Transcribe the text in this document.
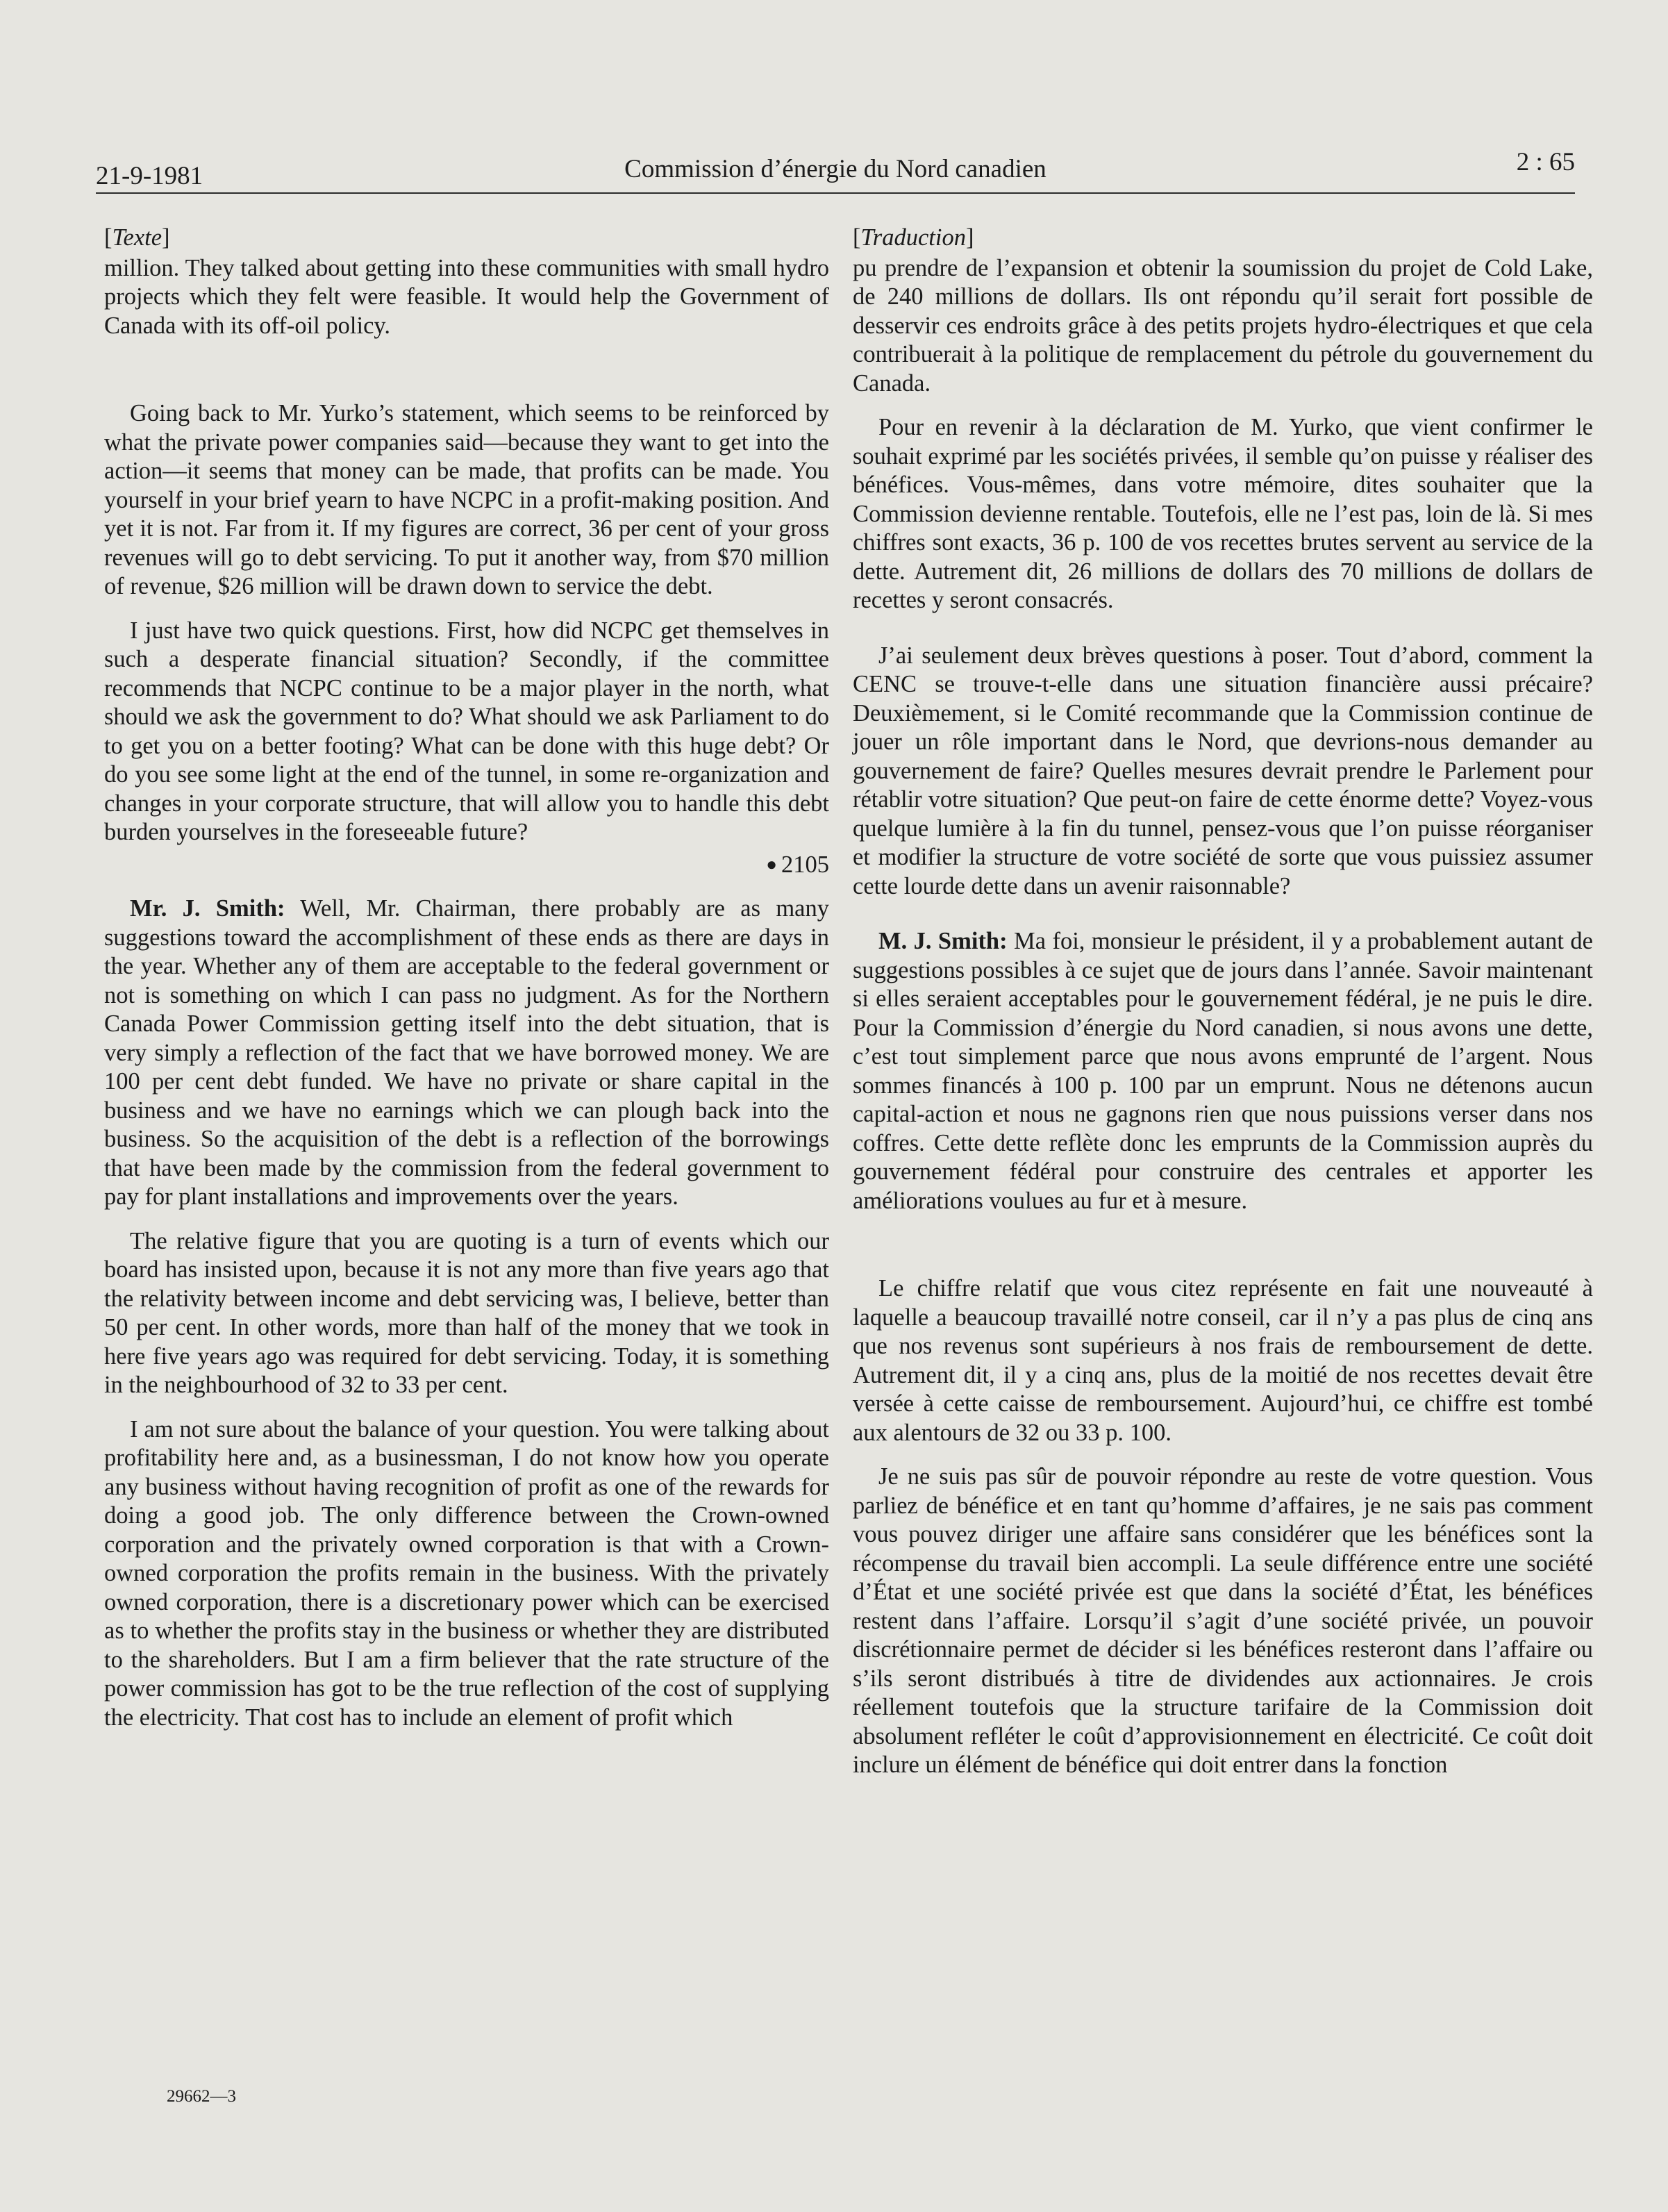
21-9-1981	Commission d’énergie du Nord canadien	2 : 65
[Texte]

million. They talked about getting into these communities with small hydro projects which they felt were feasible. It would help the Government of Canada with its off-oil policy.

Going back to Mr. Yurko’s statement, which seems to be reinforced by what the private power companies said—because they want to get into the action—it seems that money can be made, that profits can be made. You yourself in your brief yearn to have NCPC in a profit-making position. And yet it is not. Far from it. If my figures are correct, 36 per cent of your gross revenues will go to debt servicing. To put it another way, from $70 million of revenue, $26 million will be drawn down to service the debt.

I just have two quick questions. First, how did NCPC get themselves in such a desperate financial situation? Secondly, if the committee recommends that NCPC continue to be a major player in the north, what should we ask the government to do? What should we ask Parliament to do to get you on a better footing? What can be done with this huge debt? Or do you see some light at the end of the tunnel, in some re-organization and changes in your corporate structure, that will allow you to handle this debt burden yourselves in the foreseeable future?

● 2105

Mr. J. Smith: Well, Mr. Chairman, there probably are as many suggestions toward the accomplishment of these ends as there are days in the year. Whether any of them are acceptable to the federal government or not is something on which I can pass no judgment. As for the Northern Canada Power Commission getting itself into the debt situation, that is very simply a reflection of the fact that we have borrowed money. We are 100 per cent debt funded. We have no private or share capital in the business and we have no earnings which we can plough back into the business. So the acquisition of the debt is a reflection of the borrowings that have been made by the commission from the federal government to pay for plant installations and improvements over the years.

The relative figure that you are quoting is a turn of events which our board has insisted upon, because it is not any more than five years ago that the relativity between income and debt servicing was, I believe, better than 50 per cent. In other words, more than half of the money that we took in here five years ago was required for debt servicing. Today, it is something in the neighbourhood of 32 to 33 per cent.

I am not sure about the balance of your question. You were talking about profitability here and, as a businessman, I do not know how you operate any business without having recognition of profit as one of the rewards for doing a good job. The only difference between the Crown-owned corporation and the privately owned corporation is that with a Crown-owned corporation the profits remain in the business. With the privately owned corporation, there is a discretionary power which can be exercised as to whether the profits stay in the business or whether they are distributed to the shareholders. But I am a firm believer that the rate structure of the power commission has got to be the true reflection of the cost of supplying the electricity. That cost has to include an element of profit which

[Traduction]

pu prendre de l’expansion et obtenir la soumission du projet de Cold Lake, de 240 millions de dollars. Ils ont répondu qu’il serait fort possible de desservir ces endroits grâce à des petits projets hydro-électriques et que cela contribuerait à la politique de remplacement du pétrole du gouvernement du Canada.

Pour en revenir à la déclaration de M. Yurko, que vient confirmer le souhait exprimé par les sociétés privées, il semble qu’on puisse y réaliser des bénéfices. Vous-mêmes, dans votre mémoire, dites souhaiter que la Commission devienne rentable. Toutefois, elle ne l’est pas, loin de là. Si mes chiffres sont exacts, 36 p. 100 de vos recettes brutes servent au service de la dette. Autrement dit, 26 millions de dollars des 70 millions de dollars de recettes y seront consacrés.

J’ai seulement deux brèves questions à poser. Tout d’abord, comment la CENC se trouve-t-elle dans une situation financière aussi précaire? Deuxièmement, si le Comité recommande que la Commission continue de jouer un rôle important dans le Nord, que devrions-nous demander au gouvernement de faire? Quelles mesures devrait prendre le Parlement pour rétablir votre situation? Que peut-on faire de cette énorme dette? Voyez-vous quelque lumière à la fin du tunnel, pensez-vous que l’on puisse réorganiser et modifier la structure de votre société de sorte que vous puissiez assumer cette lourde dette dans un avenir raisonnable?

M. J. Smith: Ma foi, monsieur le président, il y a probablement autant de suggestions possibles à ce sujet que de jours dans l’année. Savoir maintenant si elles seraient acceptables pour le gouvernement fédéral, je ne puis le dire. Pour la Commission d’énergie du Nord canadien, si nous avons une dette, c’est tout simplement parce que nous avons emprunté de l’argent. Nous sommes financés à 100 p. 100 par un emprunt. Nous ne détenons aucun capital-action et nous ne gagnons rien que nous puissions verser dans nos coffres. Cette dette reflète donc les emprunts de la Commission auprès du gouvernement fédéral pour construire des centrales et apporter les améliorations voulues au fur et à mesure.

Le chiffre relatif que vous citez représente en fait une nouveauté à laquelle a beaucoup travaillé notre conseil, car il n’y a pas plus de cinq ans que nos revenus sont supérieurs à nos frais de remboursement de dette. Autrement dit, il y a cinq ans, plus de la moitié de nos recettes devait être versée à cette caisse de remboursement. Aujourd’hui, ce chiffre est tombé aux alentours de 32 ou 33 p. 100.

Je ne suis pas sûr de pouvoir répondre au reste de votre question. Vous parliez de bénéfice et en tant qu’homme d’affaires, je ne sais pas comment vous pouvez diriger une affaire sans considérer que les bénéfices sont la récompense du travail bien accompli. La seule différence entre une société d’État et une société privée est que dans la société d’État, les bénéfices restent dans l’affaire. Lorsqu’il s’agit d’une société privée, un pouvoir discrétionnaire permet de décider si les bénéfices resteront dans l’affaire ou s’ils seront distribués à titre de dividendes aux actionnaires. Je crois réellement toutefois que la structure tarifaire de la Commission doit absolument refléter le coût d’approvisionnement en électricité. Ce coût doit inclure un élément de bénéfice qui doit entrer dans la fonction

29662—3
